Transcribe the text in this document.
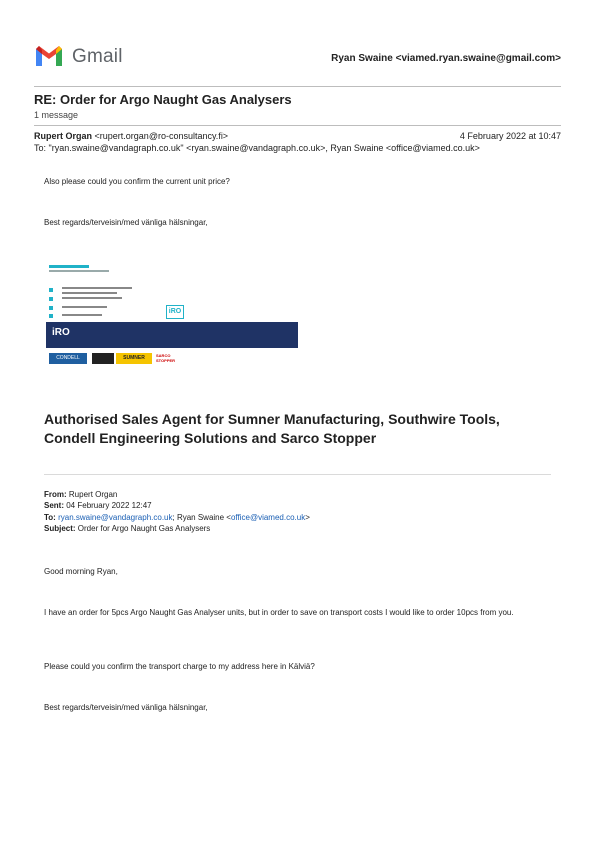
Gmail	Ryan Swaine <viamed.ryan.swaine@gmail.com>
RE: Order for Argo Naught Gas Analysers
1 message
Rupert Organ <rupert.organ@ro-consultancy.fi>	4 February 2022 at 10:47
To: "ryan.swaine@vandagraph.co.uk" <ryan.swaine@vandagraph.co.uk>, Ryan Swaine <office@viamed.co.uk>
Also please could you confirm the current unit price?
Best regards/terveisin/med vänliga hälsningar,
iRO
iRO
CONDELL	SUMNER	SARCO STOPPER
Authorised Sales Agent for Sumner Manufacturing, Southwire Tools, Condell Engineering Solutions and Sarco Stopper
From: Rupert Organ
Sent: 04 February 2022 12:47
To: ryan.swaine@vandagraph.co.uk; Ryan Swaine <office@viamed.co.uk>
Subject: Order for Argo Naught Gas Analysers
Good morning Ryan,
I have an order for 5pcs Argo Naught Gas Analyser units, but in order to save on transport costs I would like to order 10pcs from you.
Please could you confirm the transport charge to my address here in Kälviä?
Best regards/terveisin/med vänliga hälsningar,
